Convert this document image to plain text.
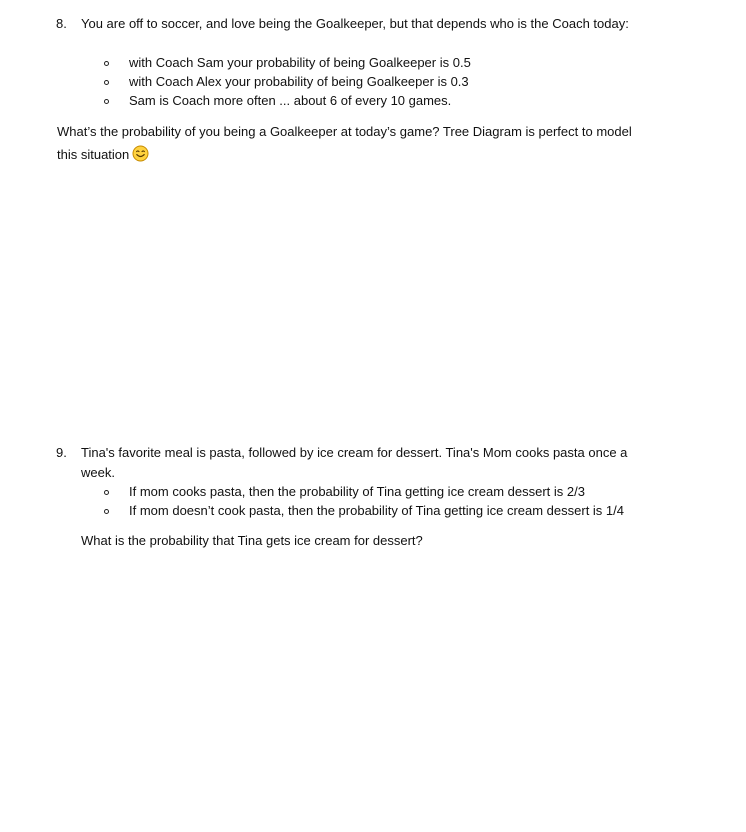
8.	You are off to soccer, and love being the Goalkeeper, but that depends who is the Coach today:
with Coach Sam your probability of being Goalkeeper is 0.5
with Coach Alex your probability of being Goalkeeper is 0.3
Sam is Coach more often ... about 6 of every 10 games.
What’s the probability of you being a Goalkeeper at today’s game? Tree Diagram is perfect to model
this situation
9.	Tina's favorite meal is pasta, followed by ice cream for dessert. Tina's Mom cooks pasta once a
week.
If mom cooks pasta, then the probability of Tina getting ice cream dessert is 2/3
If mom doesn’t cook pasta, then the probability of Tina getting ice cream dessert is 1/4
What is the probability that Tina gets ice cream for dessert?
